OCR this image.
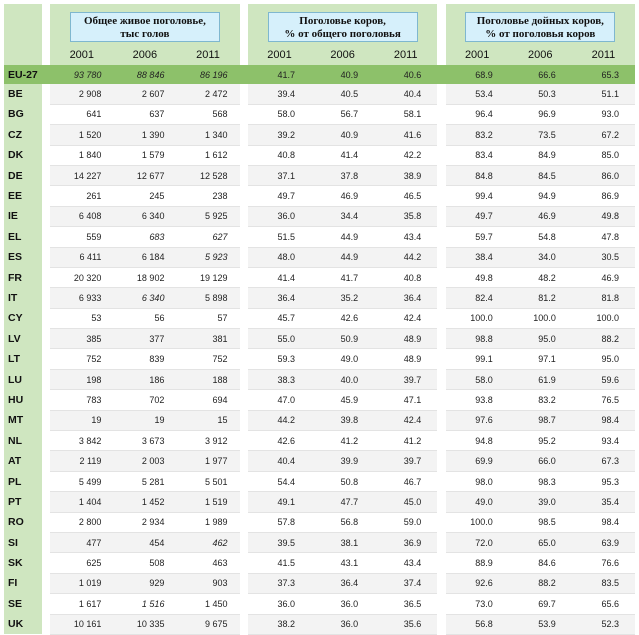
		Общее живое поголовье,
тыс голов				Поголовье коров,
% от общего поголовья				Поголовье дойных коров,
% от поголовья коров		

		2001	2006	2011		2001	2006	2011		2001	2006	2011
EU-27		93 780	88 846	86 196		41.7	40.9	40.6		68.9	66.6	65.3
BE		2 908	2 607	2 472		39.4	40.5	40.4		53.4	50.3	51.1
BG		641	637	568		58.0	56.7	58.1		96.4	96.9	93.0
CZ		1 520	1 390	1 340		39.2	40.9	41.6		83.2	73.5	67.2
DK		1 840	1 579	1 612		40.8	41.4	42.2		83.4	84.9	85.0
DE		14 227	12 677	12 528		37.1	37.8	38.9		84.8	84.5	86.0
EE		261	245	238		49.7	46.9	46.5		99.4	94.9	86.9
IE		6 408	6 340	5 925		36.0	34.4	35.8		49.7	46.9	49.8
EL		559	683	627		51.5	44.9	43.4		59.7	54.8	47.8
ES		6 411	6 184	5 923		48.0	44.9	44.2		38.4	34.0	30.5
FR		20 320	18 902	19 129		41.4	41.7	40.8		49.8	48.2	46.9
IT		6 933	6 340	5 898		36.4	35.2	36.4		82.4	81.2	81.8
CY		53	56	57		45.7	42.6	42.4		100.0	100.0	100.0
LV		385	377	381		55.0	50.9	48.9		98.8	95.0	88.2
LT		752	839	752		59.3	49.0	48.9		99.1	97.1	95.0
LU		198	186	188		38.3	40.0	39.7		58.0	61.9	59.6
HU		783	702	694		47.0	45.9	47.1		93.8	83.2	76.5
MT		19	19	15		44.2	39.8	42.4		97.6	98.7	98.4
NL		3 842	3 673	3 912		42.6	41.2	41.2		94.8	95.2	93.4
AT		2 119	2 003	1 977		40.4	39.9	39.7		69.9	66.0	67.3
PL		5 499	5 281	5 501		54.4	50.8	46.7		98.0	98.3	95.3
PT		1 404	1 452	1 519		49.1	47.7	45.0		49.0	39.0	35.4
RO		2 800	2 934	1 989		57.8	56.8	59.0		100.0	98.5	98.4
SI		477	454	462		39.5	38.1	36.9		72.0	65.0	63.9
SK		625	508	463		41.5	43.1	43.4		88.9	84.6	76.6
FI		1 019	929	903		37.3	36.4	37.4		92.6	88.2	83.5
SE		1 617	1 516	1 450		36.0	36.0	36.5		73.0	69.7	65.6
UK		10 161	10 335	9 675		38.2	36.0	35.6		56.8	53.9	52.3
